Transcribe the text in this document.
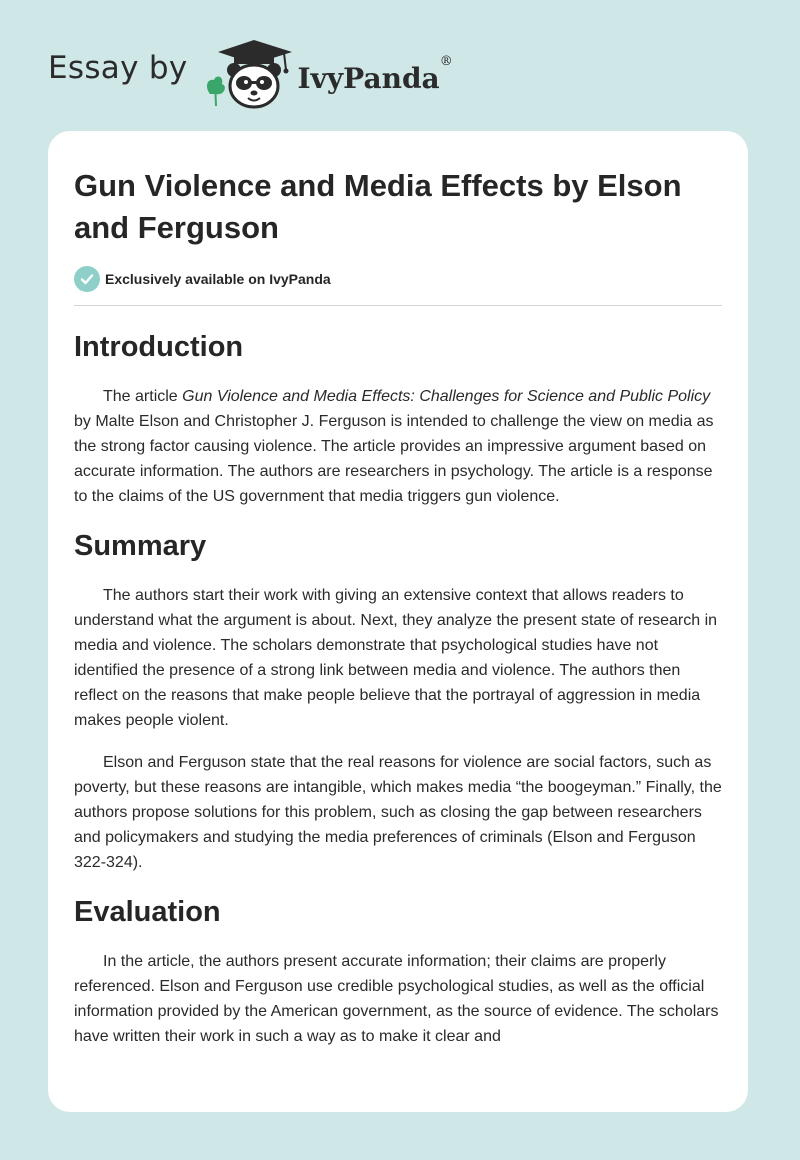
Essay by	IvyPanda®
Gun Violence and Media Effects by Elson and Ferguson
Exclusively available on IvyPanda
Introduction

The article Gun Violence and Media Effects: Challenges for Science and Public Policy by Malte Elson and Christopher J. Ferguson is intended to challenge the view on media as the strong factor causing violence. The article provides an impressive argument based on accurate information. The authors are researchers in psychology. The article is a response to the claims of the US government that media triggers gun violence.

Summary

The authors start their work with giving an extensive context that allows readers to understand what the argument is about. Next, they analyze the present state of research in media and violence. The scholars demonstrate that psychological studies have not identified the presence of a strong link between media and violence. The authors then reflect on the reasons that make people believe that the portrayal of aggression in media makes people violent.

Elson and Ferguson state that the real reasons for violence are social factors, such as poverty, but these reasons are intangible, which makes media “the boogeyman.” Finally, the authors propose solutions for this problem, such as closing the gap between researchers and policymakers and studying the media preferences of criminals (Elson and Ferguson 322-324).

Evaluation

In the article, the authors present accurate information; their claims are properly referenced. Elson and Ferguson use credible psychological studies, as well as the official information provided by the American government, as the source of evidence. The scholars have written their work in such a way as to make it clear and
